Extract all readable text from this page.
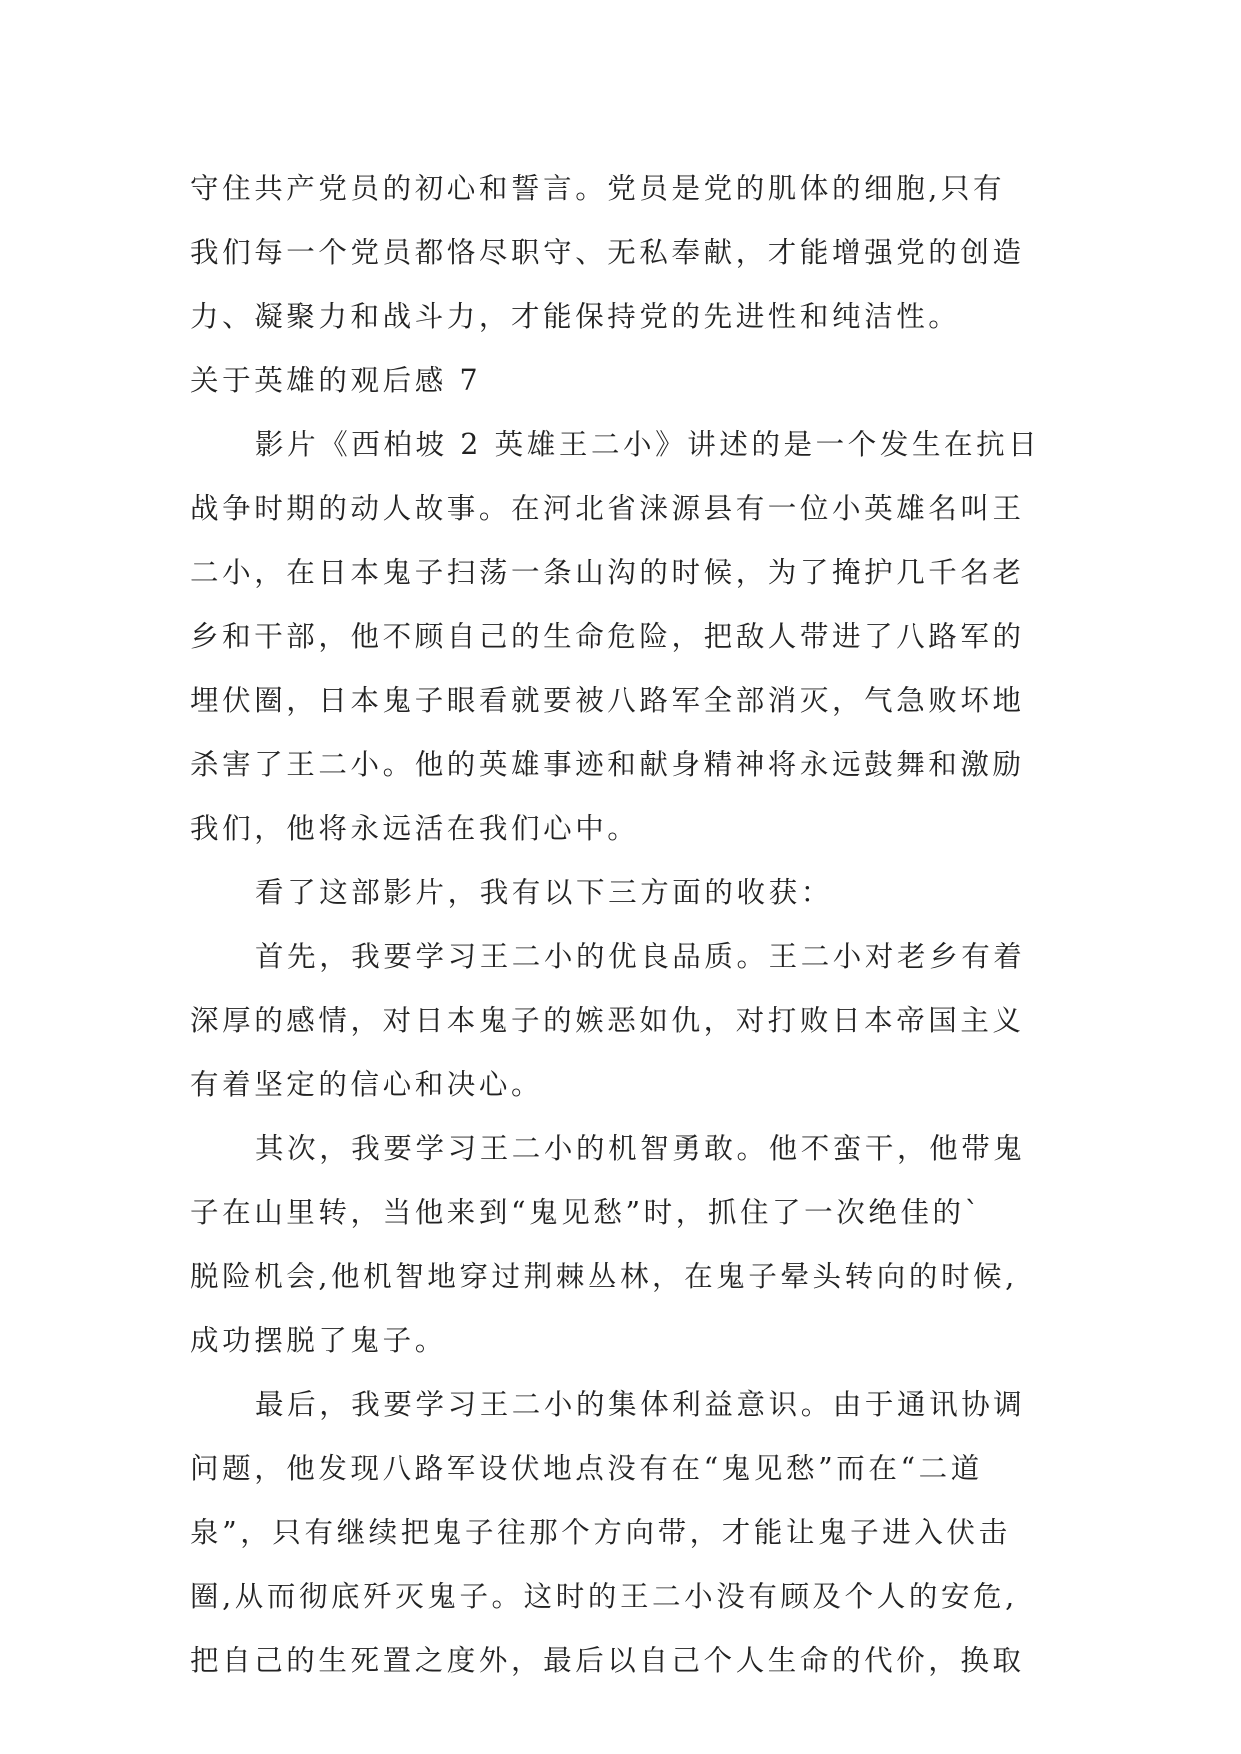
守住共产党员的初心和誓言。党员是党的肌体的细胞,只有
我们每一个党员都恪尽职守、无私奉献，才能增强党的创造
力、凝聚力和战斗力，才能保持党的先进性和纯洁性。
关于英雄的观后感 7
影片《西柏坡 2 英雄王二小》讲述的是一个发生在抗日
战争时期的动人故事。在河北省涞源县有一位小英雄名叫王
二小，在日本鬼子扫荡一条山沟的时候，为了掩护几千名老
乡和干部，他不顾自己的生命危险，把敌人带进了八路军的
埋伏圈，日本鬼子眼看就要被八路军全部消灭，气急败坏地
杀害了王二小。他的英雄事迹和献身精神将永远鼓舞和激励
我们，他将永远活在我们心中。
看了这部影片，我有以下三方面的收获：
首先，我要学习王二小的优良品质。王二小对老乡有着
深厚的感情，对日本鬼子的嫉恶如仇，对打败日本帝国主义
有着坚定的信心和决心。
其次，我要学习王二小的机智勇敢。他不蛮干，他带鬼
子在山里转，当他来到“鬼见愁”时，抓住了一次绝佳的`
脱险机会,他机智地穿过荆棘丛林，在鬼子晕头转向的时候,
成功摆脱了鬼子。
最后，我要学习王二小的集体利益意识。由于通讯协调
问题，他发现八路军设伏地点没有在“鬼见愁”而在“二道
泉”，只有继续把鬼子往那个方向带，才能让鬼子进入伏击
圈,从而彻底歼灭鬼子。这时的王二小没有顾及个人的安危,
把自己的生死置之度外，最后以自己个人生命的代价，换取
